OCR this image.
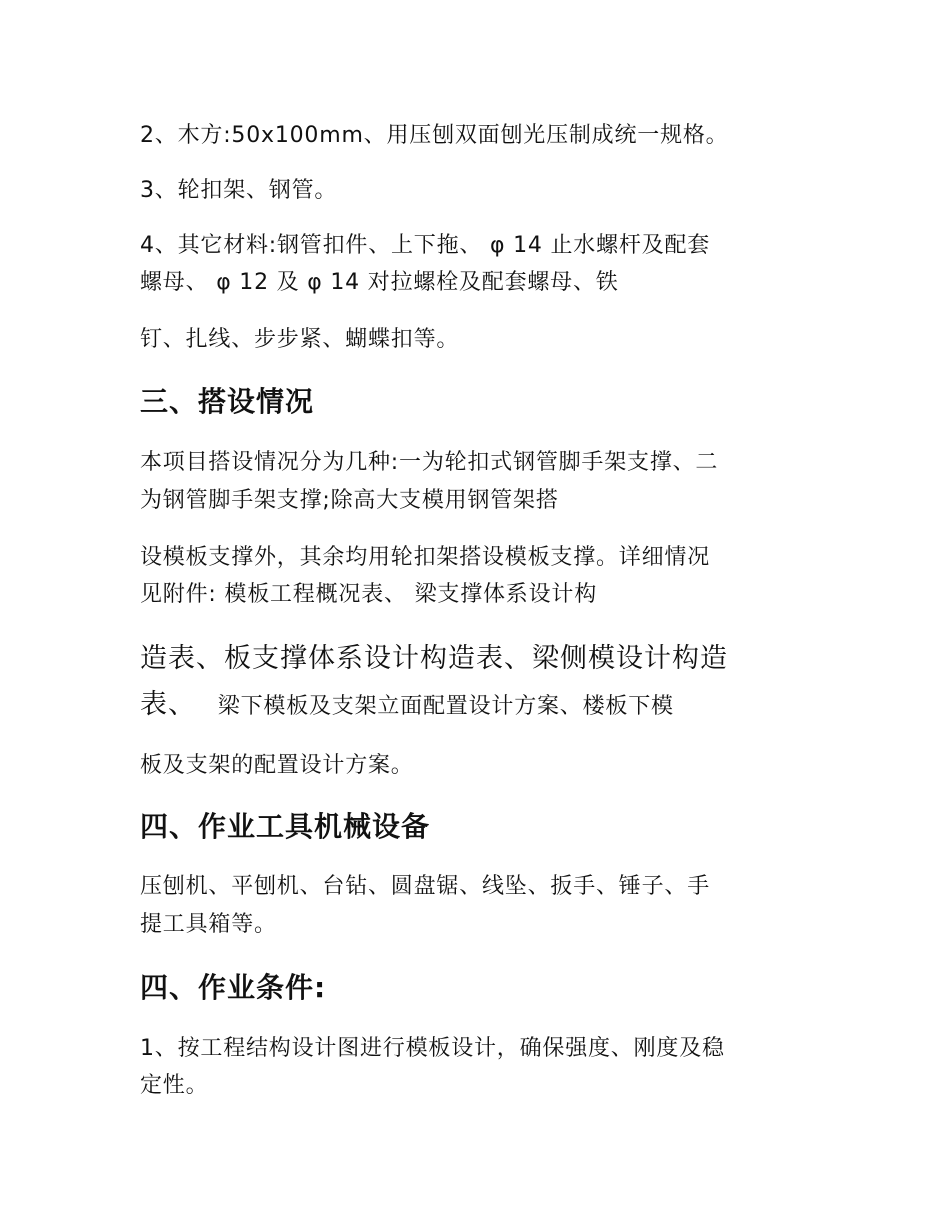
2、木方:50x100mm、用压刨双面刨光压制成统一规格。

3、轮扣架、钢管。

4、其它材料:钢管扣件、上下拖、 φ 14 止水螺杆及配套

螺母、 φ 12 及 φ 14 对拉螺栓及配套螺母、铁

钉、扎线、步步紧、蝴蝶扣等。

三、搭设情况

本项目搭设情况分为几种:一为轮扣式钢管脚手架支撑、二

为钢管脚手架支撑;除高大支模用钢管架搭

设模板支撑外，其余均用轮扣架搭设模板支撑。详细情况

见附件: 模板工程概况表、 梁支撑体系设计构

造表、板支撑体系设计构造表、梁侧模设计构造

表、 梁下模板及支架立面配置设计方案、楼板下模

板及支架的配置设计方案。

四、作业工具机械设备

压刨机、平刨机、台钻、圆盘锯、线坠、扳手、锤子、手

提工具箱等。

四、作业条件:

1、按工程结构设计图进行模板设计，确保强度、刚度及稳

定性。
